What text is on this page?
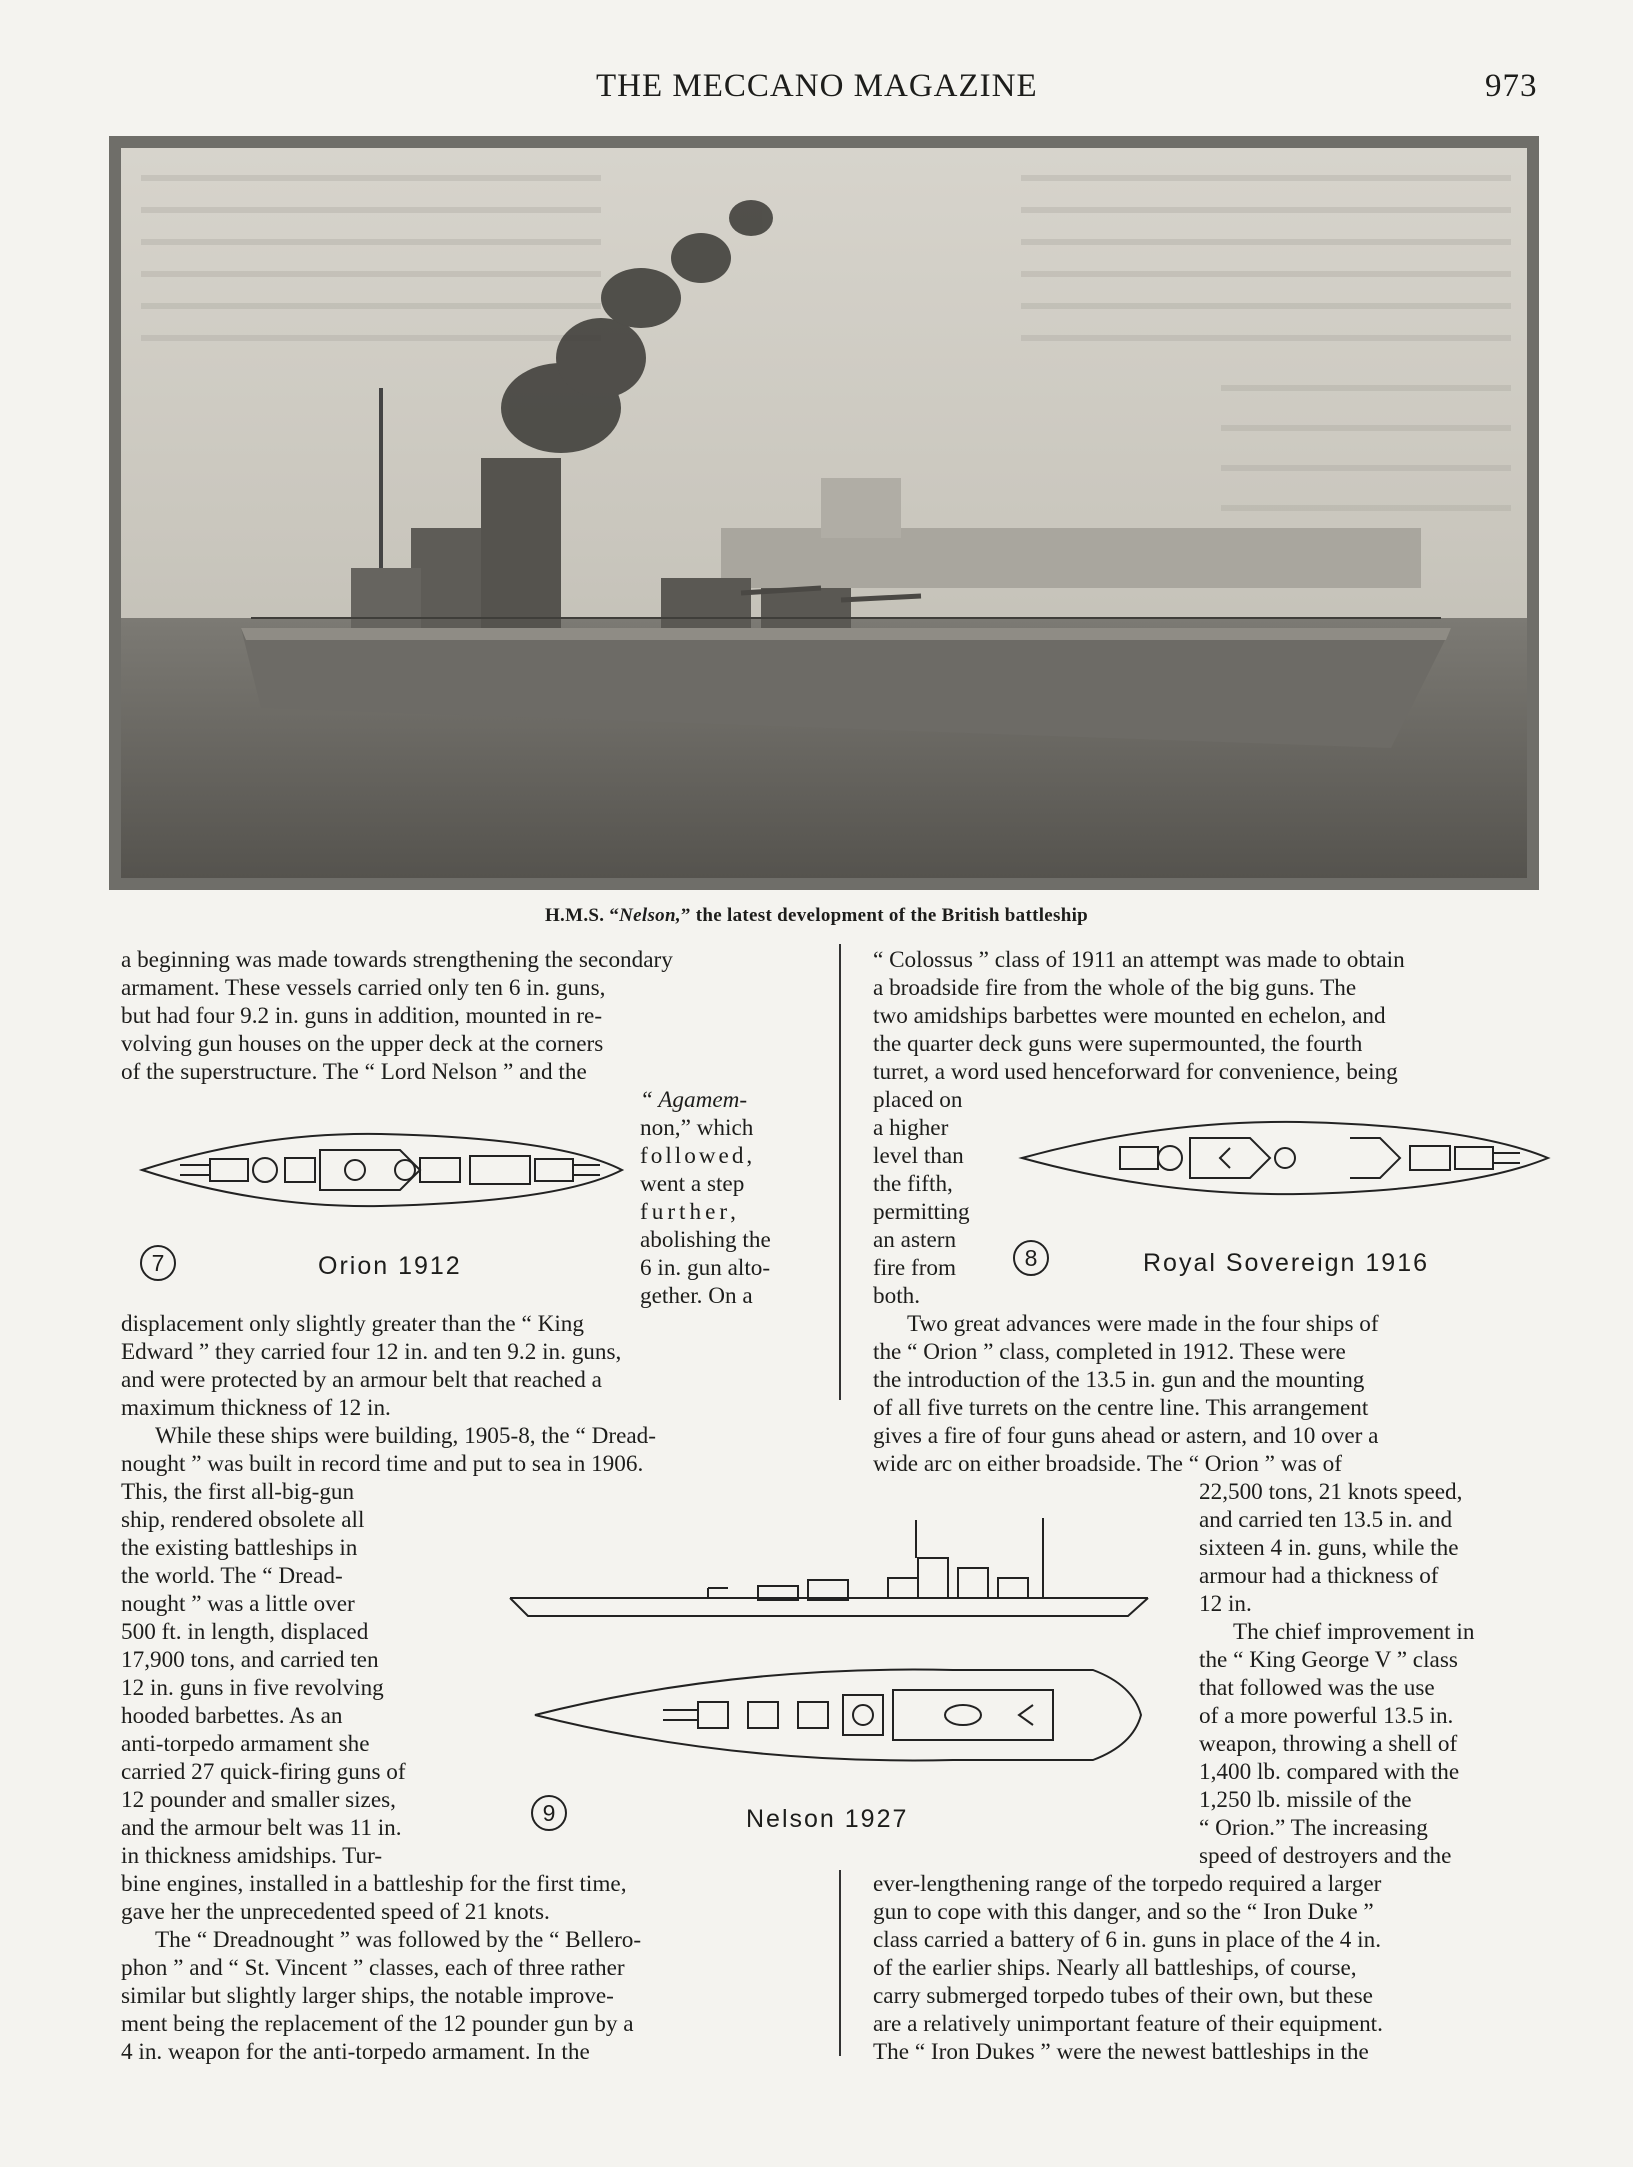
THE MECCANO MAGAZINE	973
H.M.S. “Nelson,” the latest development of the British battleship

a beginning was made towards strengthening the secondary

armament. These vessels carried only ten 6 in. guns,

but had four 9.2 in. guns in addition, mounted in re-

volving gun houses on the upper deck at the corners

of the superstructure. The “ Lord Nelson ” and the

“ Agamem-

non,” which

followed,

went a step

further,

abolishing the

6 in. gun alto-

gether. On a

7	Orion 1912

displacement only slightly greater than the “ King

Edward ” they carried four 12 in. and ten 9.2 in. guns,

and were protected by an armour belt that reached a

maximum thickness of 12 in.

While these ships were building, 1905-8, the “ Dread-

nought ” was built in record time and put to sea in 1906.

This, the first all-big-gun

ship, rendered obsolete all

the existing battleships in

the world. The “ Dread-

nought ” was a little over

500 ft. in length, displaced

17,900 tons, and carried ten

12 in. guns in five revolving

hooded barbettes. As an

anti-torpedo armament she

carried 27 quick-firing guns of

12 pounder and smaller sizes,

and the armour belt was 11 in.

in thickness amidships. Tur-

9	Nelson 1927

bine engines, installed in a battleship for the first time,

gave her the unprecedented speed of 21 knots.

The “ Dreadnought ” was followed by the “ Bellero-

phon ” and “ St. Vincent ” classes, each of three rather

similar but slightly larger ships, the notable improve-

ment being the replacement of the 12 pounder gun by a

4 in. weapon for the anti-torpedo armament. In the

“ Colossus ” class of 1911 an attempt was made to obtain

a broadside fire from the whole of the big guns. The

two amidships barbettes were mounted en echelon, and

the quarter deck guns were supermounted, the fourth

turret, a word used henceforward for convenience, being

placed on

a higher

level than

the fifth,

permitting

an astern

fire from

both.

8	Royal Sovereign 1916

Two great advances were made in the four ships of

the “ Orion ” class, completed in 1912. These were

the introduction of the 13.5 in. gun and the mounting

of all five turrets on the centre line. This arrangement

gives a fire of four guns ahead or astern, and 10 over a

wide arc on either broadside. The “ Orion ” was of

22,500 tons, 21 knots speed,

and carried ten 13.5 in. and

sixteen 4 in. guns, while the

armour had a thickness of

12 in.

The chief improvement in

the “ King George V ” class

that followed was the use

of a more powerful 13.5 in.

weapon, throwing a shell of

1,400 lb. compared with the

1,250 lb. missile of the

“ Orion.” The increasing

speed of destroyers and the

ever-lengthening range of the torpedo required a larger

gun to cope with this danger, and so the “ Iron Duke ”

class carried a battery of 6 in. guns in place of the 4 in.

of the earlier ships. Nearly all battleships, of course,

carry submerged torpedo tubes of their own, but these

are a relatively unimportant feature of their equipment.

The “ Iron Dukes ” were the newest battleships in the
